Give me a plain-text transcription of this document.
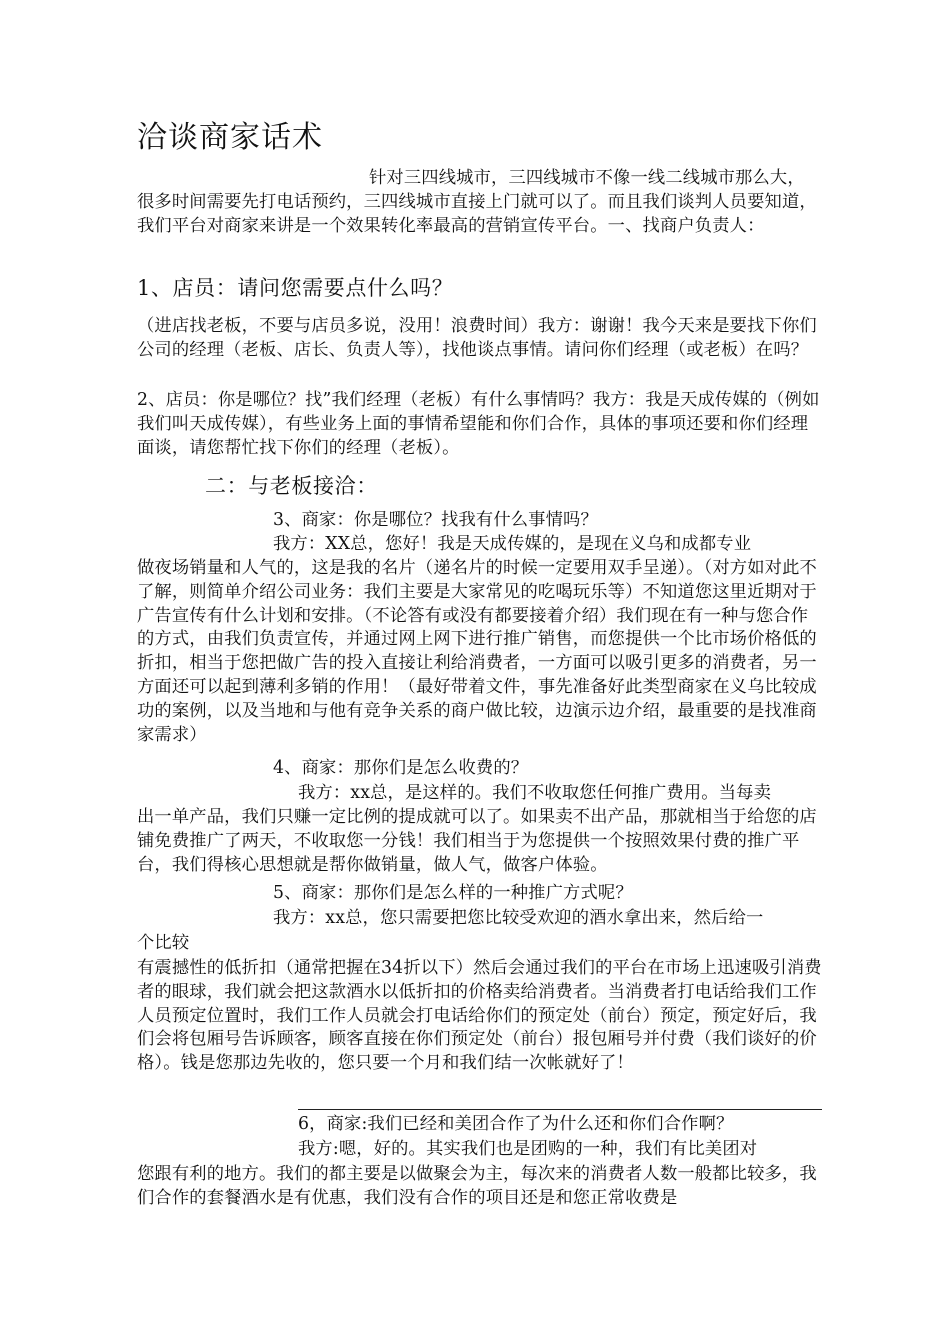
洽谈商家话术

针对三四线城市，三四线城市不像一线二线城市那么大，很多时间需要先打电话预约，三四线城市直接上门就可以了。而且我们谈判人员要知道，我们平台对商家来讲是一个效果转化率最高的营销宣传平台。一、找商户负责人：

1、店员：请问您需要点什么吗？

（进店找老板，不要与店员多说，没用！浪费时间）我方：谢谢！我今天来是要找下你们公司的经理（老板、店长、负责人等），找他谈点事情。请问你们经理（或老板）在吗？

2、店员：你是哪位？找”我们经理（老板）有什么事情吗？我方：我是天成传媒的（例如我们叫天成传媒），有些业务上面的事情希望能和你们合作，具体的事项还要和你们经理面谈，请您帮忙找下你们的经理（老板）。

二：与老板接洽：

3、商家：你是哪位？找我有什么事情吗？

我方：XX总，您好！我是天成传媒的，是现在义乌和成都专业

做夜场销量和人气的，这是我的名片（递名片的时候一定要用双手呈递）。（对方如对此不了解，则简单介绍公司业务：我们主要是大家常见的吃喝玩乐等）不知道您这里近期对于广告宣传有什么计划和安排。（不论答有或没有都要接着介绍）我们现在有一种与您合作的方式，由我们负责宣传，并通过网上网下进行推广销售，而您提供一个比市场价格低的折扣，相当于您把做广告的投入直接让利给消费者，一方面可以吸引更多的消费者，另一方面还可以起到薄利多销的作用！（最好带着文件，事先准备好此类型商家在义乌比较成功的案例，以及当地和与他有竞争关系的商户做比较，边演示边介绍，最重要的是找准商家需求）

4、商家：那你们是怎么收费的？

我方：xx总，是这样的。我们不收取您任何推广费用。当每卖

出一单产品，我们只赚一定比例的提成就可以了。如果卖不出产品，那就相当于给您的店铺免费推广了两天，不收取您一分钱！我们相当于为您提供一个按照效果付费的推广平台，我们得核心思想就是帮你做销量，做人气，做客户体验。

5、商家：那你们是怎么样的一种推广方式呢？

我方：xx总，您只需要把您比较受欢迎的酒水拿出来，然后给一

个比较

有震撼性的低折扣（通常把握在34折以下）然后会通过我们的平台在市场上迅速吸引消费者的眼球，我们就会把这款酒水以低折扣的价格卖给消费者。当消费者打电话给我们工作人员预定位置时，我们工作人员就会打电话给你们的预定处（前台）预定，预定好后，我们会将包厢号告诉顾客，顾客直接在你们预定处（前台）报包厢号并付费（我们谈好的价格）。钱是您那边先收的，您只要一个月和我们结一次帐就好了！

6，商家:我们已经和美团合作了为什么还和你们合作啊？

我方:嗯，好的。其实我们也是团购的一种，我们有比美团对

您跟有利的地方。我们的都主要是以做聚会为主，每次来的消费者人数一般都比较多，我们合作的套餐酒水是有优惠，我们没有合作的项目还是和您正常收费是
